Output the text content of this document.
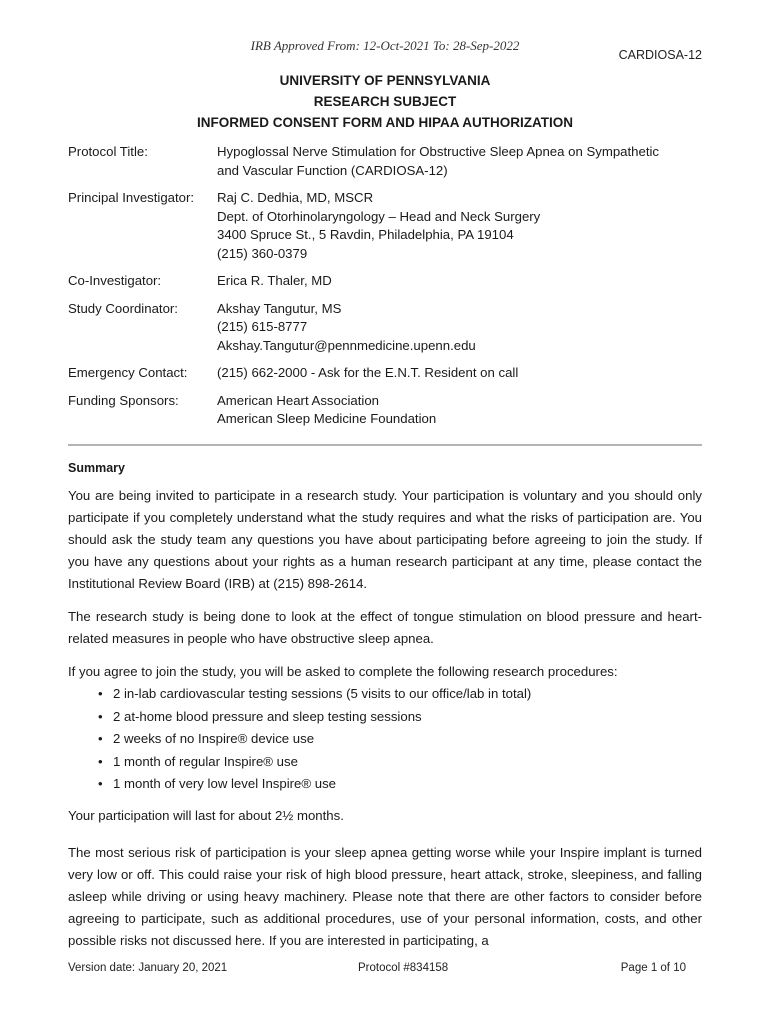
IRB Approved From: 12-Oct-2021 To: 28-Sep-2022
CARDIOSA-12
UNIVERSITY OF PENNSYLVANIA
RESEARCH SUBJECT
INFORMED CONSENT FORM AND HIPAA AUTHORIZATION
Protocol Title:	Hypoglossal Nerve Stimulation for Obstructive Sleep Apnea on Sympathetic
and Vascular Function (CARDIOSA-12)
Principal Investigator:	Raj C. Dedhia, MD, MSCR
Dept. of Otorhinolaryngology – Head and Neck Surgery
3400 Spruce St., 5 Ravdin, Philadelphia, PA 19104
(215) 360-0379
Co-Investigator:	Erica R. Thaler, MD
Study Coordinator:	Akshay Tangutur, MS
(215) 615-8777
Akshay.Tangutur@pennmedicine.upenn.edu
Emergency Contact:	(215) 662-2000 - Ask for the E.N.T. Resident on call
Funding Sponsors:	American Heart Association
American Sleep Medicine Foundation
Summary

You are being invited to participate in a research study. Your participation is voluntary and you should only participate if you completely understand what the study requires and what the risks of participation are. You should ask the study team any questions you have about participating before agreeing to join the study. If you have any questions about your rights as a human research participant at any time, please contact the Institutional Review Board (IRB) at (215) 898-2614.

The research study is being done to look at the effect of tongue stimulation on blood pressure and heart-related measures in people who have obstructive sleep apnea.

If you agree to join the study, you will be asked to complete the following research procedures:

• 2 in-lab cardiovascular testing sessions (5 visits to our office/lab in total)
• 2 at-home blood pressure and sleep testing sessions
• 2 weeks of no Inspire® device use
• 1 month of regular Inspire® use
• 1 month of very low level Inspire® use

Your participation will last for about 2½ months.

The most serious risk of participation is your sleep apnea getting worse while your Inspire implant is turned very low or off. This could raise your risk of high blood pressure, heart attack, stroke, sleepiness, and falling asleep while driving or using heavy machinery. Please note that there are other factors to consider before agreeing to participate, such as additional procedures, use of your personal information, costs, and other possible risks not discussed here. If you are interested in participating, a

Version date: January 20, 2021	Protocol #834158	Page 1 of 10
